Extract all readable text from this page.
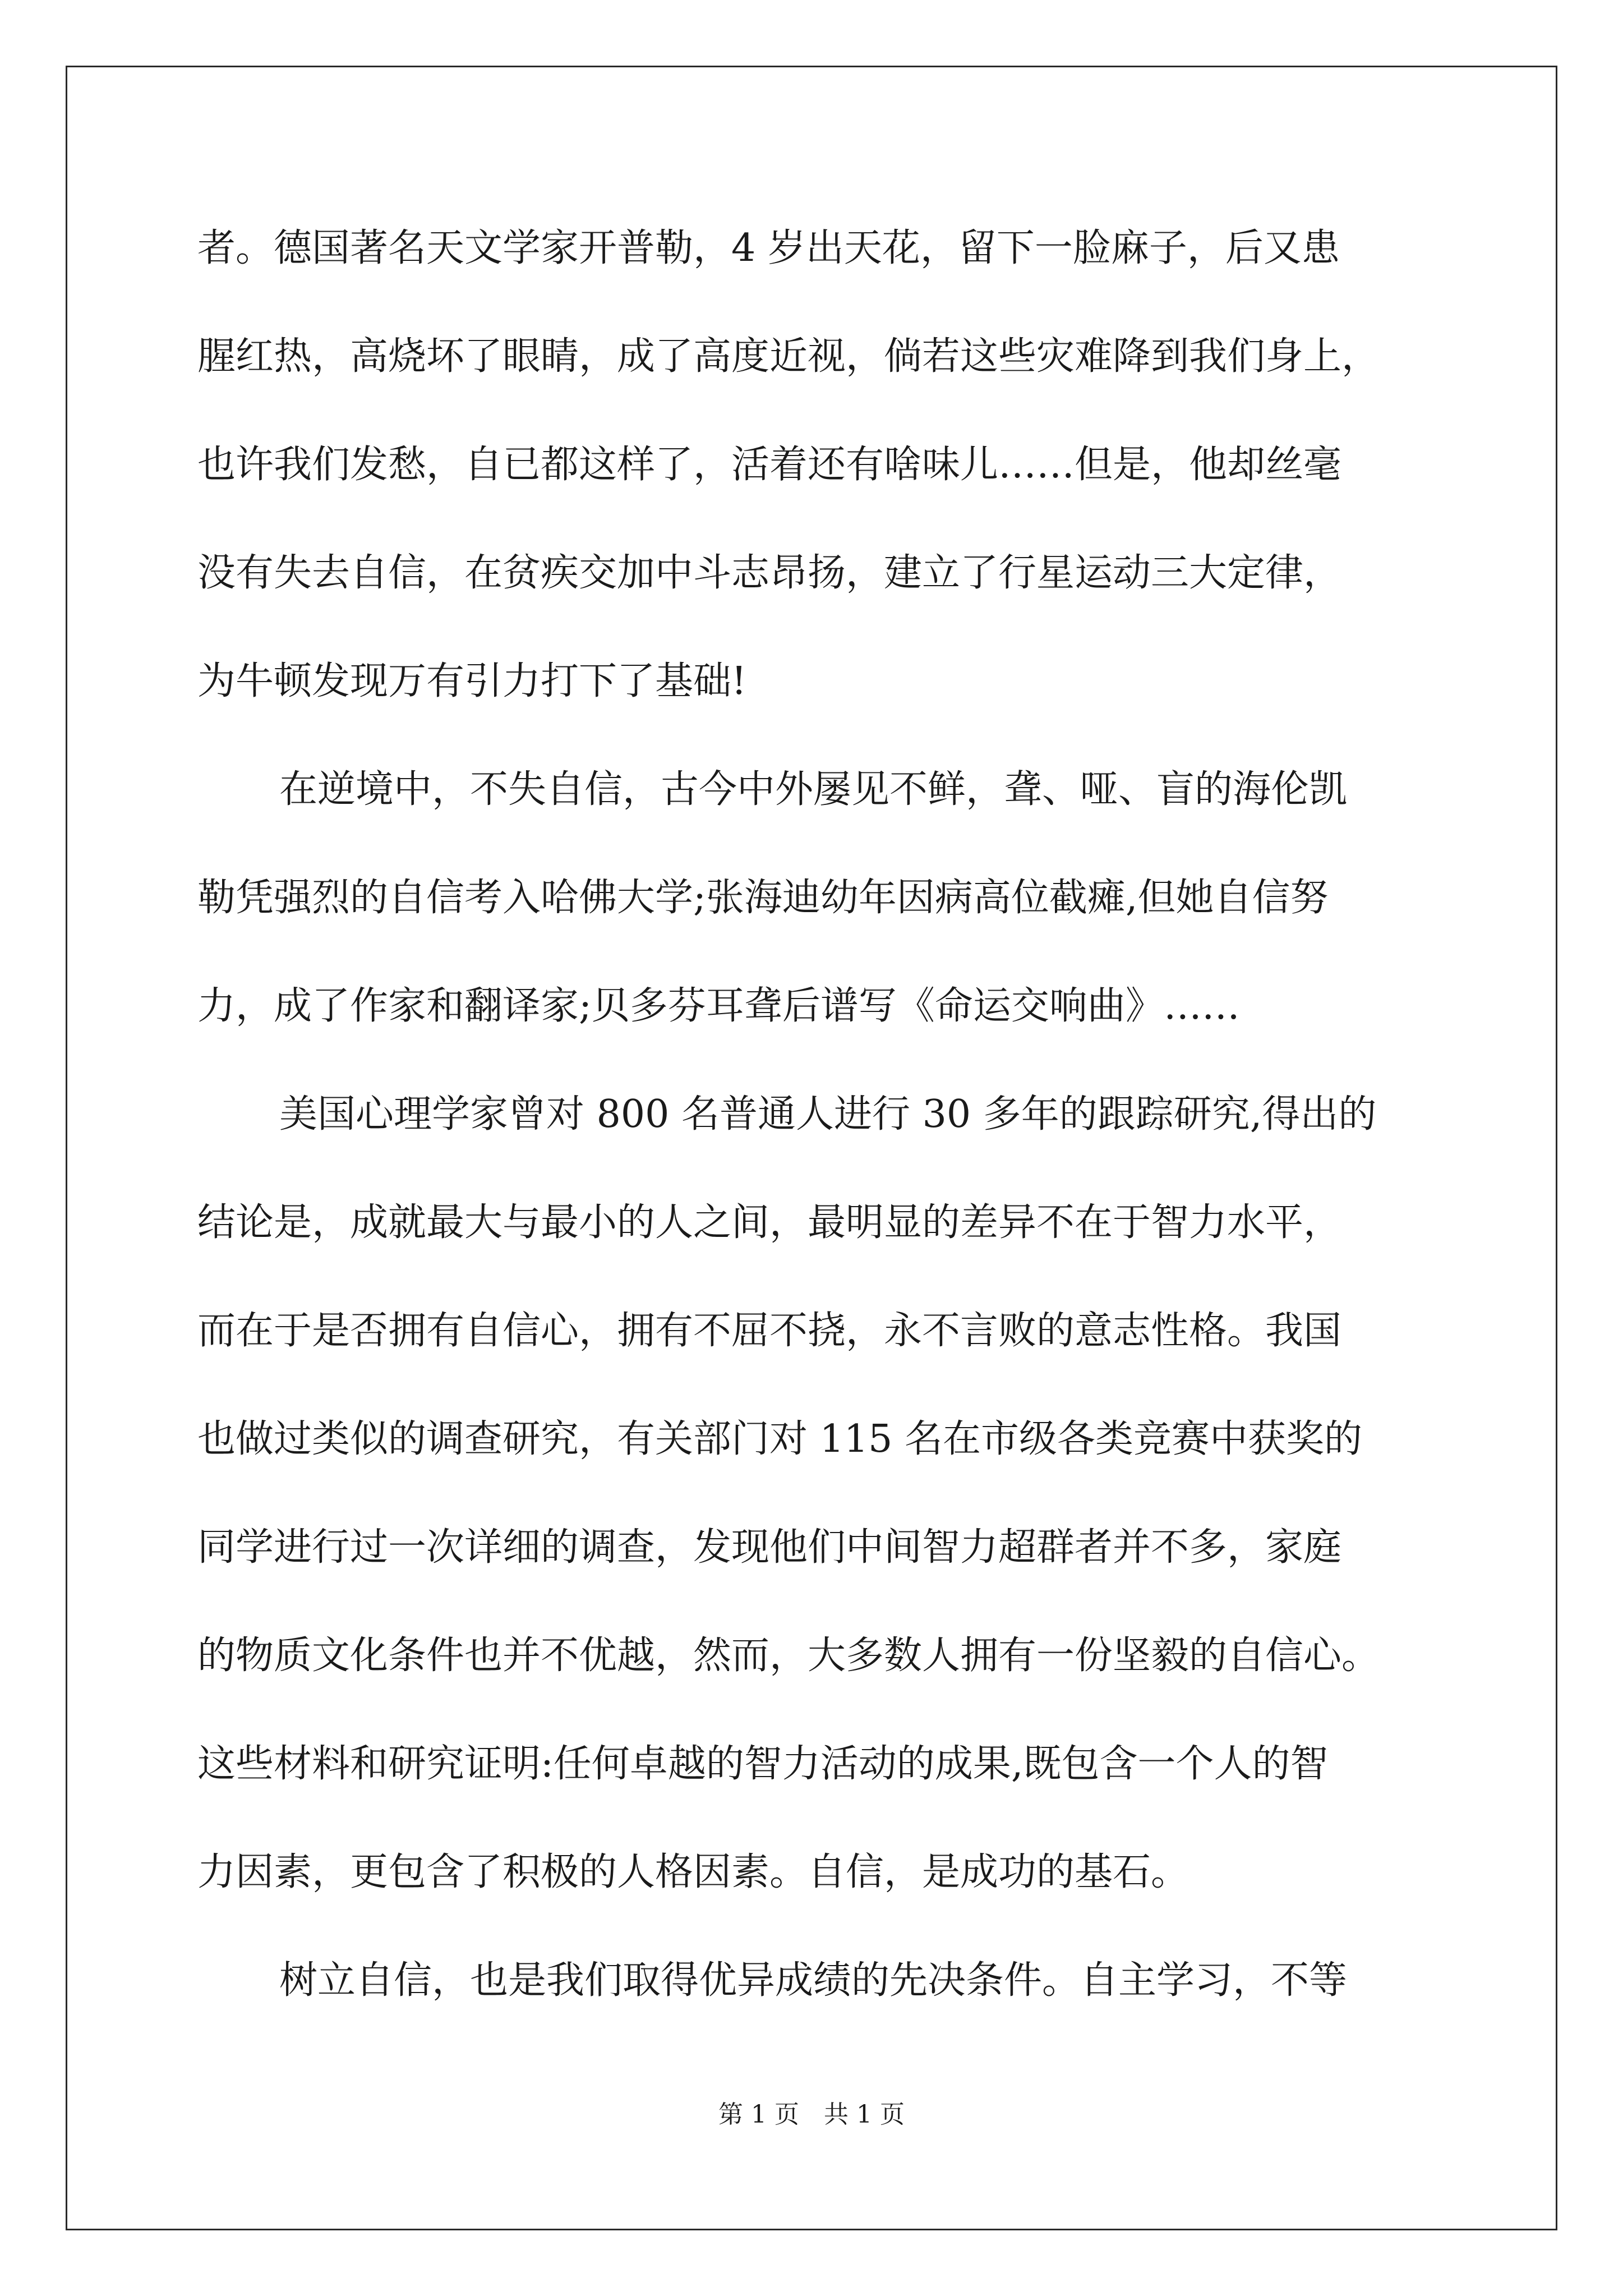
者。德国著名天文学家开普勒，4 岁出天花，留下一脸麻子，后又患
腥红热，高烧坏了眼睛，成了高度近视，倘若这些灾难降到我们身上，
也许我们发愁，自已都这样了，活着还有啥味儿……但是，他却丝毫
没有失去自信，在贫疾交加中斗志昂扬，建立了行星运动三大定律，
为牛顿发现万有引力打下了基础!
在逆境中，不失自信，古今中外屡见不鲜，聋、哑、盲的海伦凯
勒凭强烈的自信考入哈佛大学;张海迪幼年因病高位截瘫,但她自信努
力，成了作家和翻译家;贝多芬耳聋后谱写《命运交响曲》……
美国心理学家曾对 800 名普通人进行 30 多年的跟踪研究,得出的
结论是，成就最大与最小的人之间，最明显的差异不在于智力水平，
而在于是否拥有自信心，拥有不屈不挠，永不言败的意志性格。我国
也做过类似的调查研究，有关部门对 115 名在市级各类竞赛中获奖的
同学进行过一次详细的调查，发现他们中间智力超群者并不多，家庭
的物质文化条件也并不优越，然而，大多数人拥有一份坚毅的自信心。
这些材料和研究证明:任何卓越的智力活动的成果,既包含一个人的智
力因素，更包含了积极的人格因素。自信，是成功的基石。
树立自信，也是我们取得优异成绩的先决条件。自主学习，不等
第 1 页　共 1 页
